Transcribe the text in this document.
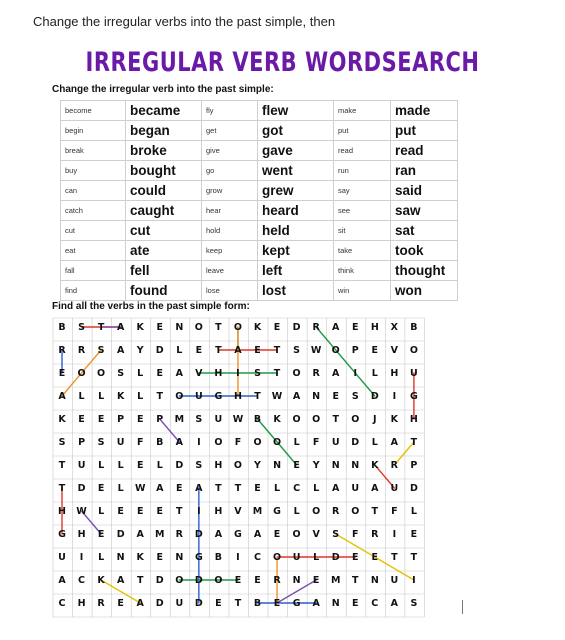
Change the irregular verbs into the past simple, then
IRREGULAR VERB WORDSEARCH
Change the irregular verb into the past simple:
become	became	fly	flew	make	made
begin	began	get	got	put	put
break	broke	give	gave	read	read
buy	bought	go	went	run	ran
can	could	grow	grew	say	said
catch	caught	hear	heard	see	saw
cut	cut	hold	held	sit	sat
eat	ate	keep	kept	take	took
fall	fell	leave	left	think	thought
find	found	lose	lost	win	won
Find all the verbs in the past simple form:
B S T A K E N O T O K E D R A E H X B
R R S A Y D L E T A E T S W O P E V O
E O O S L E A V H I S T O R A I L H U
A L L K L T O U G H T W A N E S D I G
K E E P E P M S U W B K O O T O J K H
S P S U F B A I O F O O L F U D L A T
T U L L E L D S H O Y N E Y N N K R P
T D E L W A E A T T E L C L A U A U D
H W L E E E T I H V M G L O R O T F L
G H E D A M R D A G A E O V S F R I E
U I L N K E N G B I C O U L D E E T T
A C K A T D O D O E E R N E M T N U I
C H R E A D U D E T B E G A N E C A S
